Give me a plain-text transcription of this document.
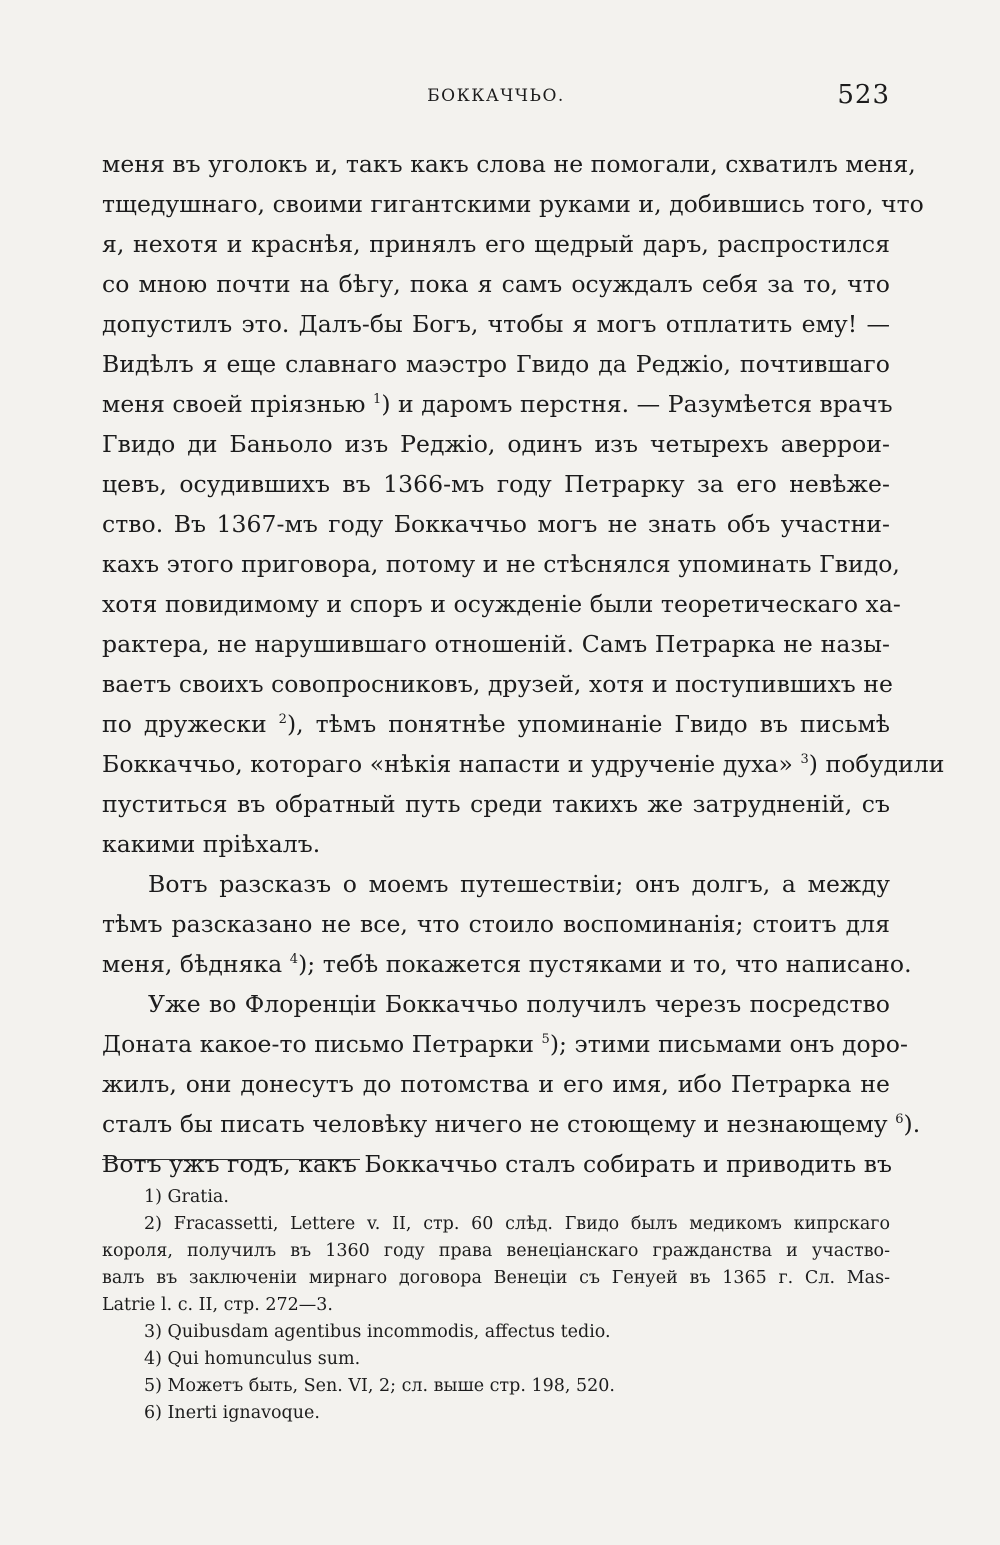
БОККАЧЧЬО.	523
меня въ уголокъ и, такъ какъ слова не помогали, схватилъ меня,
тщедушнаго, своими гигантскими руками и, добившись того, что
я, нехотя и краснѣя, принялъ его щедрый даръ, распростился
со мною почти на бѣгу, пока я самъ осуждалъ себя за то, что
допустилъ это. Далъ-бы Богъ, чтобы я могъ отплатить ему! —
Видѣлъ я еще славнаго маэстро Гвидо да Реджiо, почтившаго
меня своей прiязнью $^1$) и даромъ перстня. — Разумѣется врачъ
Гвидо ди Баньоло изъ Реджiо, одинъ изъ четырехъ аверрои-
цевъ, осудившихъ въ 1366-мъ году Петрарку за его невѣже-
ство. Въ 1367-мъ году Боккаччьо могъ не знать объ участни-
кахъ этого приговора, потому и не стѣснялся упоминать Гвидо,
хотя повидимому и споръ и осужденiе были теоретическаго ха-
рактера, не нарушившаго отношенiй. Самъ Петрарка не назы-
ваетъ своихъ совопросниковъ, друзей, хотя и поступившихъ не
по дружески $^2$), тѣмъ понятнѣе упоминанiе Гвидо въ письмѣ
Боккаччьо, котораго «нѣкiя напасти и удрученiе духа» $^3$) побудили
пуститься въ обратный путь среди такихъ же затрудненiй, съ
какими прiѣхалъ.
Вотъ разсказъ о моемъ путешествiи; онъ долгъ, а между
тѣмъ разсказано не все, что стоило воспоминанiя; стоитъ для
меня, бѣдняка $^4$); тебѣ покажется пустяками и то, что написано.
Уже во Флоренцiи Боккаччьо получилъ черезъ посредство
Доната какое-то письмо Петрарки $^5$); этими письмами онъ доро-
жилъ, они донесутъ до потомства и его имя, ибо Петрарка не
сталъ бы писать человѣку ничего не стоющему и незнающему $^6$).
Вотъ ужъ годъ, какъ Боккаччьо сталъ собирать и приводить въ
1) Gratia.
2) Fracassetti, Lettere v. II, стр. 60 слѣд. Гвидо былъ медикомъ кипрскаго
короля, получилъ въ 1360 году права венецiанскаго гражданства и участво-
валъ въ заключенiи мирнаго договора Венецiи съ Генуей въ 1365 г. Сл. Mas-
Latrie l. c. II, стр. 272—3.
3) Quibusdam agentibus incommodis, affectus tedio.
4) Qui homunculus sum.
5) Можетъ быть, Sen. VI, 2; сл. выше стр. 198, 520.
6) Inerti ignavoque.
